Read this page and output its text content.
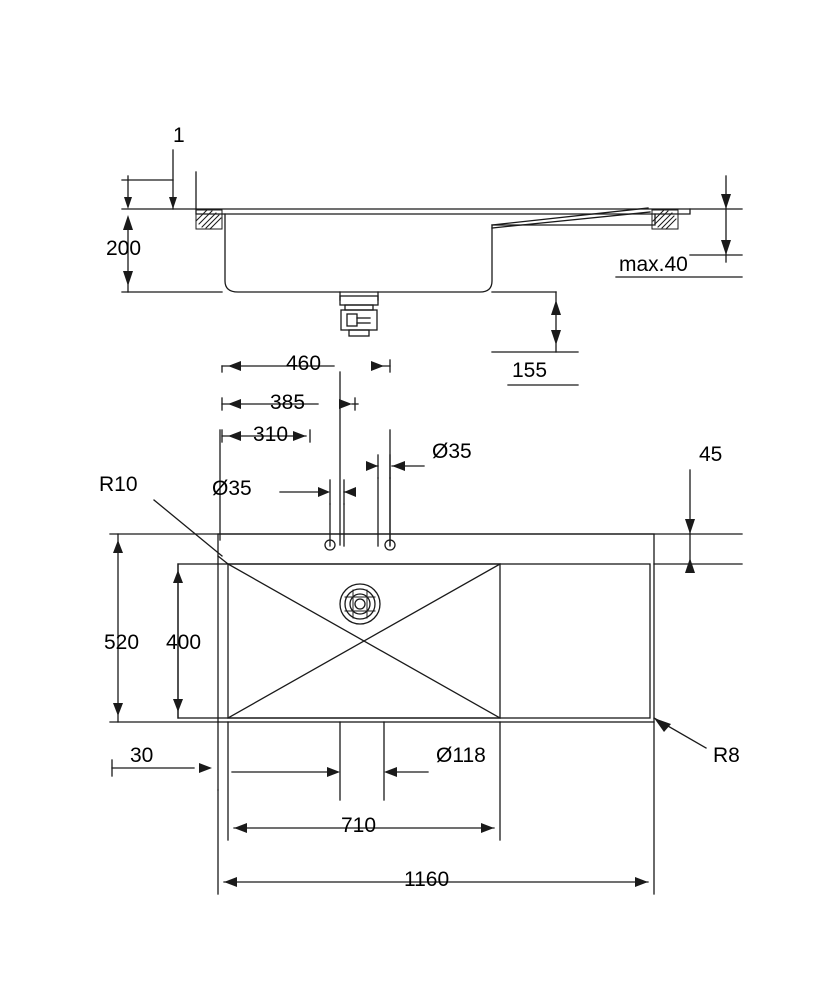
1
200
max.40
155
460
385
310
Ø35
Ø35
R10
45
520 400
30	Ø118	R8
710
1160
